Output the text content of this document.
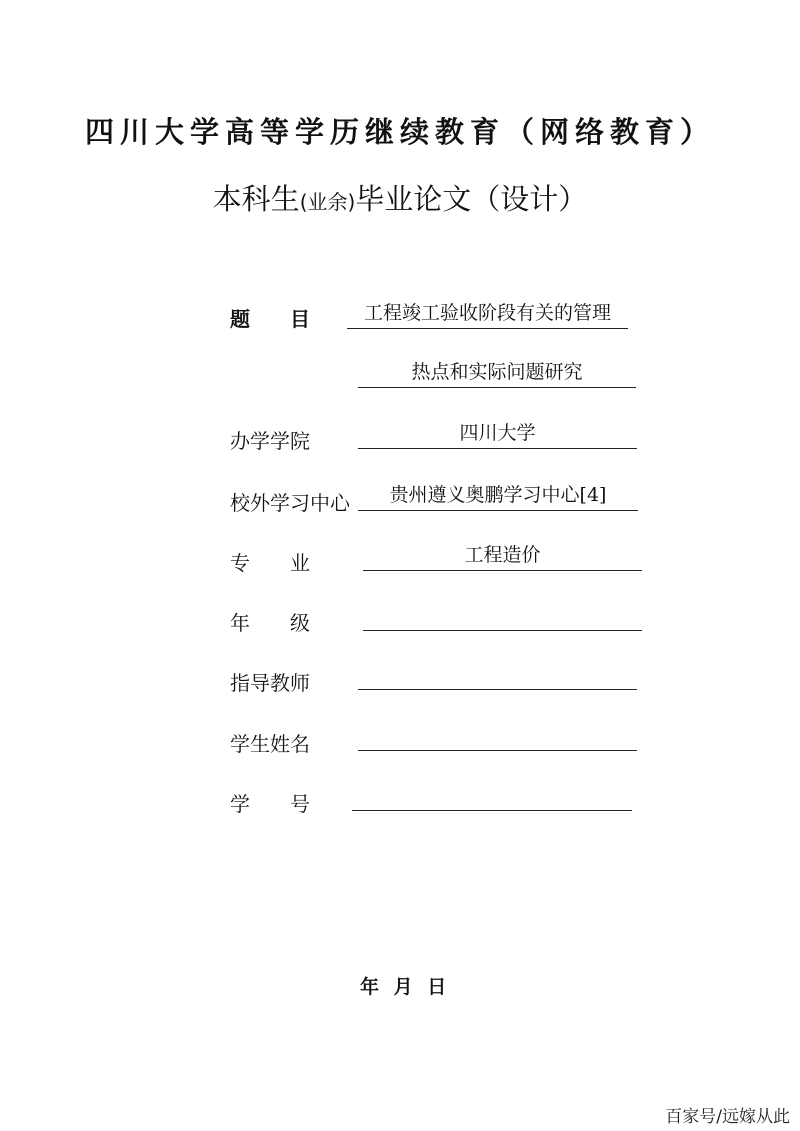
四川大学高等学历继续教育（网络教育）
本科生(业余)毕业论文（设计）
题　　目	工程竣工验收阶段有关的管理
热点和实际问题研究
办学学院	四川大学
校外学习中心	贵州遵义奥鹏学习中心[4]
专　　业	工程造价
年　　级
指导教师
学生姓名
学　　号
年 月 日
百家号/远嫁从此
